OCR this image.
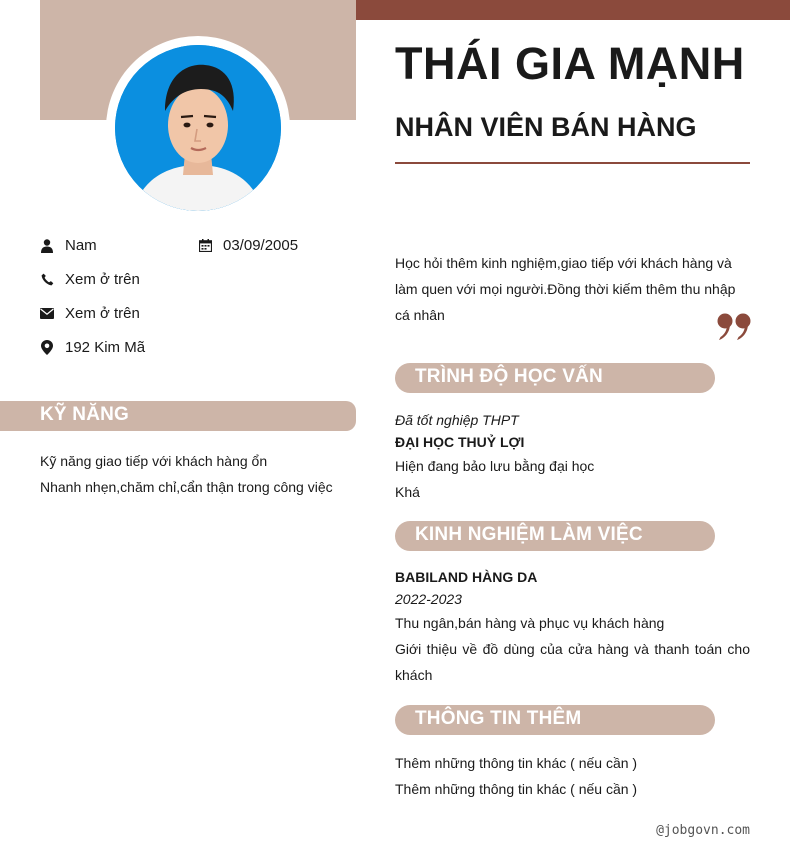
THÁI GIA MẠNH
NHÂN VIÊN BÁN HÀNG
Nam	03/09/2005
Xem ở trên
Xem ở trên
192 Kim Mã
KỸ NĂNG
Kỹ năng giao tiếp với khách hàng ổn
Nhanh nhẹn,chăm chỉ,cẩn thận trong công việc
Học hỏi thêm kinh nghiệm,giao tiếp với khách hàng và làm quen với mọi người.Đồng thời kiếm thêm thu nhập cá nhân
TRÌNH ĐỘ HỌC VẤN
Đã tốt nghiệp THPT
ĐẠI HỌC THUỶ LỢI
Hiện đang bảo lưu bằng đại học
Khá
KINH NGHIỆM LÀM VIỆC
BABILAND HÀNG DA
2022-2023
Thu ngân,bán hàng và phục vụ khách hàng
Giới thiệu về đồ dùng của cửa hàng và thanh toán cho khách
THÔNG TIN THÊM
Thêm những thông tin khác ( nếu cần )
Thêm những thông tin khác ( nếu cần )
@jobgovn.com
